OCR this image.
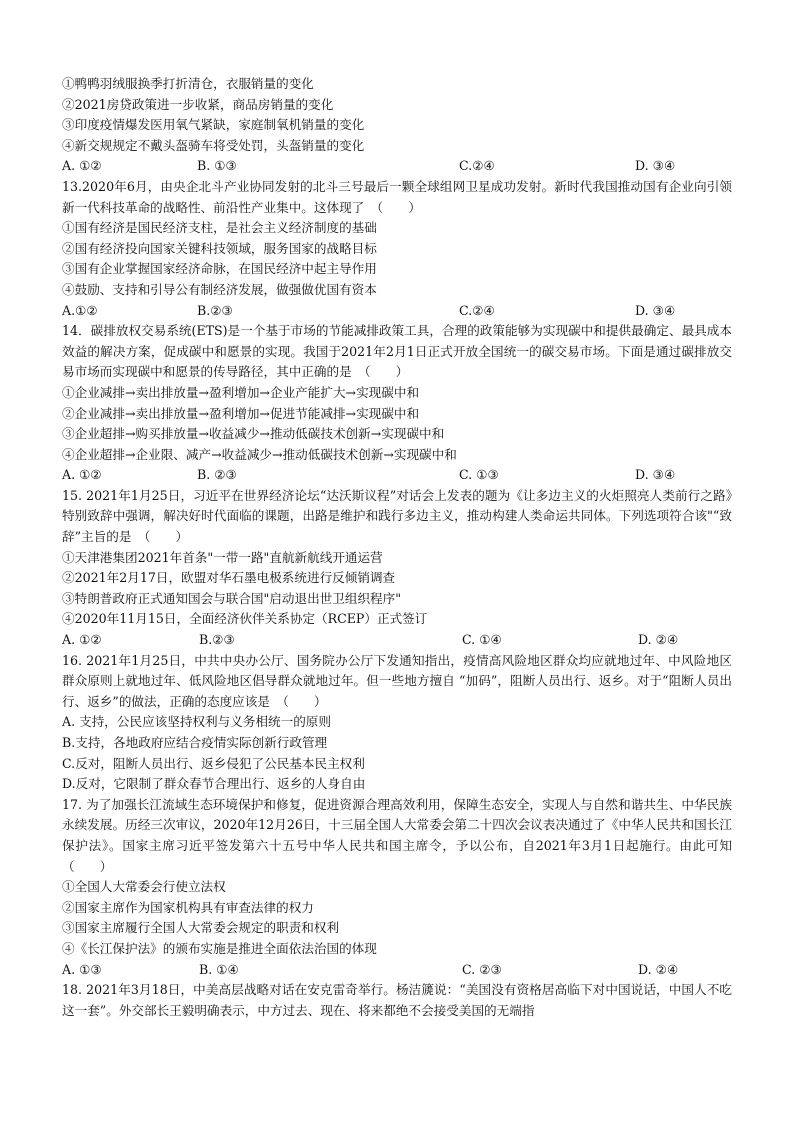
①鸭鸭羽绒服换季打折清仓，衣服销量的变化
②2021房贷政策进一步收紧，商品房销量的变化
③印度疫情爆发医用氧气紧缺，家庭制氧机销量的变化
④新交规规定不戴头盔骑车将受处罚，头盔销量的变化
A. ①②	B. ①③	C.②④	D. ③④
13.2020年6月，由央企北斗产业协同发射的北斗三号最后一颗全球组网卫星成功发射。新时代我国推动国有企业向引领新一代科技革命的战略性、前沿性产业集中。这体现了　（　　）
①国有经济是国民经济支柱，是社会主义经济制度的基础
②国有经济投向国家关键科技领域，服务国家的战略目标
③国有企业掌握国家经济命脉，在国民经济中起主导作用
④鼓励、支持和引导公有制经济发展，做强做优国有资本
A.①②	B.②③	C.②④	D. ③④
14．碳排放权交易系统(ETS)是一个基于市场的节能减排政策工具，合理的政策能够为实现碳中和提供最确定、最具成本效益的解决方案，促成碳中和愿景的实现。我国于2021年2月1日正式开放全国统一的碳交易市场。下面是通过碳排放交易市场而实现碳中和愿景的传导路径，其中正确的是　（　　）
①企业减排→卖出排放量→盈利增加→企业产能扩大→实现碳中和
②企业减排→卖出排放量→盈利增加→促进节能减排→实现碳中和
③企业超排→购买排放量→收益减少→推动低碳技术创新→实现碳中和
④企业超排→企业限、减产→收益减少→推动低碳技术创新→实现碳中和
A. ①②	B. ②③	C. ①③	D. ③④
15. 2021年1月25日，习近平在世界经济论坛“达沃斯议程”对话会上发表的题为《让多边主义的火炬照亮人类前行之路》特别致辞中强调，解决好时代面临的课题，出路是维护和践行多边主义，推动构建人类命运共同体。下列选项符合该"“致辞”主旨的是　（　　）
①天津港集团2021年首条"一带一路"直航新航线开通运营
②2021年2月17日，欧盟对华石墨电极系统进行反倾销调查
③特朗普政府正式通知国会与联合国"启动退出世卫组织程序"
④2020年11月15日，全面经济伙伴关系协定（RCEP）正式签订
A. ①②	B.②③	C. ①④	D. ②④
16. 2021年1月25日，中共中央办公厅、国务院办公厅下发通知指出，疫情高风险地区群众均应就地过年、中风险地区群众原则上就地过年、低风险地区倡导群众就地过年。但一些地方擅自 “加码”，阻断人员出行、返乡。对于“阻断人员出行、返乡”的做法，正确的态度应该是　（　　）
A. 支持，公民应该坚持权利与义务相统一的原则
B.支持，各地政府应结合疫情实际创新行政管理
C.反对，阻断人员出行、返乡侵犯了公民基本民主权利
D.反对，它限制了群众春节合理出行、返乡的人身自由
17. 为了加强长江流域生态环境保护和修复，促进资源合理高效利用，保障生态安全，实现人与自然和谐共生、中华民族永续发展。历经三次审议，2020年12月26日，十三届全国人大常委会第二十四次会议表决通过了《中华人民共和国长江保护法》。国家主席习近平签发第六十五号中华人民共和国主席令，予以公布，自2021年3月1日起施行。由此可知　（　　）
①全国人大常委会行使立法权
②国家主席作为国家机构具有审查法律的权力
③国家主席履行全国人大常委会规定的职责和权利
④《长江保护法》的颁布实施是推进全面依法治国的体现
A. ①③	B. ①④	C. ②③	D. ②④
18. 2021年3月18日，中美高层战略对话在安克雷奇举行。杨洁篪说：“美国没有资格居高临下对中国说话，中国人不吃这一套”。外交部长王毅明确表示，中方过去、现在、将来都绝不会接受美国的无端指
